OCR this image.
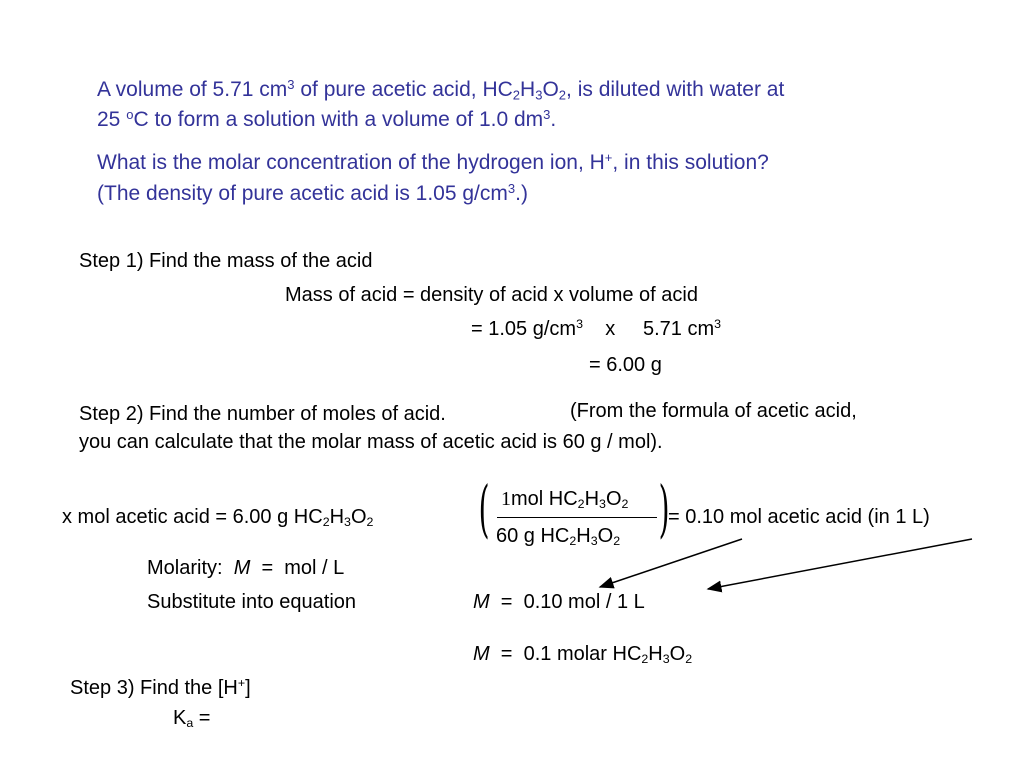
A volume of 5.71 $cm^3$ of pure acetic acid, $HC_2H_3O_2$, is diluted with water at
25 $^o$C to form a solution with a volume of 1.0 $dm^3$.
What is the molar concentration of the hydrogen ion, H+, in this solution?
(The density of pure acetic acid is 1.05 $g/cm^3$.)
Step 1) Find the mass of the acid
Mass of acid = density of acid x volume of acid
= 1.05 $g/cm^3$    x     5.71 $cm^3$
= 6.00 g
Step 2) Find the number of moles of acid.	(From the formula of acetic acid,
you can calculate that the molar mass of acetic acid is 60 g / mol).
x mol acetic acid = 6.00 g $HC_2H_3O_2$ ( 1mol $HC_2H_3O_2$
60 g $HC_2H_3O_2$ )
= 0.10 mol acetic acid (in 1 L)
Molarity:  M  =  mol / L
Substitute into equation	M  =  0.10 mol / 1 L
M  =  0.1 molar $HC_2H_3O_2$
Step 3) Find the [H+]
$K_a$ =
